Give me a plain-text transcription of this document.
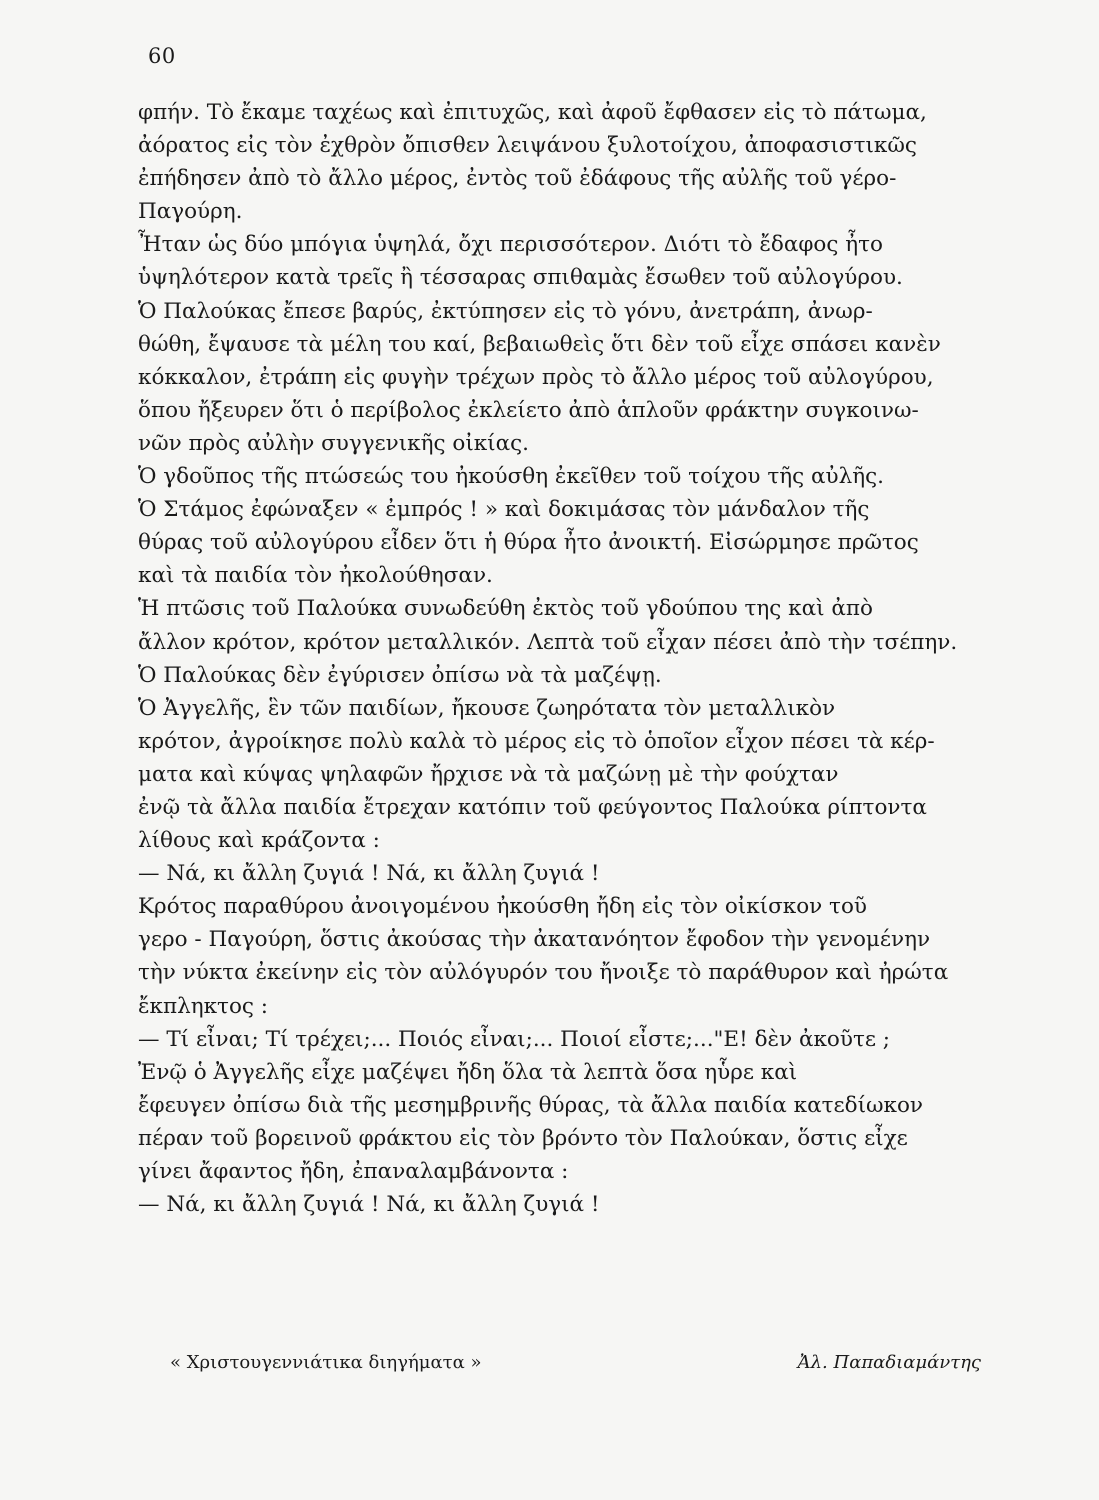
60
φπήν. Τὸ ἔκαμε ταχέως καὶ ἐπιτυχῶς, καὶ ἀφοῦ ἔφθασεν εἰς τὸ πάτωμα,
ἀόρατος εἰς τὸν ἐχθρὸν ὄπισθεν λειψάνου ξυλοτοίχου, ἀποφασιστικῶς
ἐπήδησεν ἀπὸ τὸ ἄλλο μέρος, ἐντὸς τοῦ ἐδάφους τῆς αὐλῆς τοῦ γέρο-
Παγούρη.
Ἦταν ὡς δύο μπόγια ὑψηλά, ὄχι περισσότερον. Διότι τὸ ἔδαφος ἦτο
ὑψηλότερον κατὰ τρεῖς ἢ τέσσαρας σπιθαμὰς ἔσωθεν τοῦ αὐλογύρου.
Ὁ Παλούκας ἔπεσε βαρύς, ἐκτύπησεν εἰς τὸ γόνυ, ἀνετράπη, ἀνωρ-
θώθη, ἔψαυσε τὰ μέλη του καί, βεβαιωθεὶς ὅτι δὲν τοῦ εἶχε σπάσει κανὲν
κόκκαλον, ἐτράπη εἰς φυγὴν τρέχων πρὸς τὸ ἄλλο μέρος τοῦ αὐλογύρου,
ὅπου ἤξευρεν ὅτι ὁ περίβολος ἐκλείετο ἀπὸ ἁπλοῦν φράκτην συγκοινω-
νῶν πρὸς αὐλὴν συγγενικῆς οἰκίας.
Ὁ γδοῦπος τῆς πτώσεώς του ἠκούσθη ἐκεῖθεν τοῦ τοίχου τῆς αὐλῆς.
Ὁ Στάμος ἐφώναξεν « ἐμπρός ! » καὶ δοκιμάσας τὸν μάνδαλον τῆς
θύρας τοῦ αὐλογύρου εἶδεν ὅτι ἡ θύρα ἦτο ἀνοικτή. Εἰσώρμησε πρῶτος
καὶ τὰ παιδία τὸν ἠκολούθησαν.
Ἡ πτῶσις τοῦ Παλούκα συνωδεύθη ἐκτὸς τοῦ γδούπου της καὶ ἀπὸ
ἄλλον κρότον, κρότον μεταλλικόν. Λεπτὰ τοῦ εἶχαν πέσει ἀπὸ τὴν τσέπην.
Ὁ Παλούκας δὲν ἐγύρισεν ὀπίσω νὰ τὰ μαζέψῃ.
Ὁ Ἀγγελῆς, ἓν τῶν παιδίων, ἤκουσε ζωηρότατα τὸν μεταλλικὸν
κρότον, ἀγροίκησε πολὺ καλὰ τὸ μέρος εἰς τὸ ὁποῖον εἶχον πέσει τὰ κέρ-
ματα καὶ κύψας ψηλαφῶν ἤρχισε νὰ τὰ μαζώνῃ μὲ τὴν φούχταν
ἐνῷ τὰ ἄλλα παιδία ἔτρεχαν κατόπιν τοῦ φεύγοντος Παλούκα ρίπτοντα
λίθους καὶ κράζοντα :
— Νά, κι ἄλλη ζυγιά ! Νά, κι ἄλλη ζυγιά !
Κρότος παραθύρου ἀνοιγομένου ἠκούσθη ἤδη εἰς τὸν οἰκίσκον τοῦ
γερο - Παγούρη, ὅστις ἀκούσας τὴν ἀκατανόητον ἔφοδον τὴν γενομένην
τὴν νύκτα ἐκείνην εἰς τὸν αὐλόγυρόν του ἤνοιξε τὸ παράθυρον καὶ ἠρώτα
ἔκπληκτος :
— Τί εἶναι; Τί τρέχει;... Ποιός εἶναι;... Ποιοί εἶστε;..."Ε! δὲν ἀκοῦτε ;
Ἐνῷ ὁ Ἀγγελῆς εἶχε μαζέψει ἤδη ὅλα τὰ λεπτὰ ὅσα ηὗρε καὶ
ἔφευγεν ὀπίσω διὰ τῆς μεσημβρινῆς θύρας, τὰ ἄλλα παιδία κατεδίωκον
πέραν τοῦ βορεινοῦ φράκτου εἰς τὸν βρόντο τὸν Παλούκαν, ὅστις εἶχε
γίνει ἄφαντος ἤδη, ἐπαναλαμβάνοντα :
— Νά, κι ἄλλη ζυγιά ! Νά, κι ἄλλη ζυγιά !
« Χριστουγεννιάτικα διηγήματα »	Ἀλ. Παπαδιαμάντης
